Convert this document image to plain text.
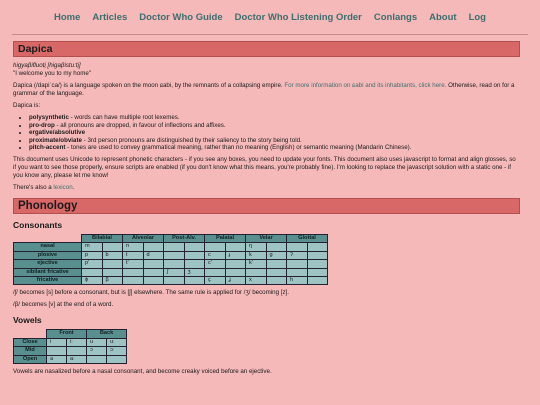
Home Articles Doctor Who Guide Doctor Who Listening Order Conlangs About Log
Dapica

hiɡyaβifluoti̤ [hiɡaβistuːti̤]
"I welcome you to my home"

Dapica (/dapiˈca/) is a language spoken on the moon ɕabi, by the remnants of a collapsing empire. For more information on ɕabi and its inhabitants, click here. Otherwise, read on for a grammar of the language.

Dapica is:

• polysynthetic - words can have multiple root lexemes.
• pro-drop - all pronouns are dropped, in favour of inflections and affixes.
• ergative/absolutive
• proximate/obviate - 3rd person pronouns are distinguished by their saliency to the story being told.
• pitch-accent - tones are used to convey grammatical meaning, rather than no meaning (English) or semantic meaning (Mandarin Chinese).

This document uses Unicode to represent phonetic characters - if you see any boxes, you need to update your fonts. This document also uses javascript to format and align glosses, so if you want to see those properly, ensure scripts are enabled (if you don't know what this means, you're probably fine). I'm looking to replace the javascript solution with a static one - if you know any, please let me know!

There's also a lexicon.

Phonology
Consonants
	Bilabial		Alveolar		Post-Alv.		Palatal		Velar		Glottal	
nasal	m		n						ŋ			
plosive	p	b	t	d			c	ɟ	k	g	ʔ	
ejective	pʼ		tʼ				cʼ		kʼ			
sibilant fricative					ʃ	ʒ						
fricative	ɸ	β					ç	ʝ	x		h	

/ʃ/ becomes [s] before a consonant, but is [ʃ] elsewhere. The same rule is applied for /ʒ/ becoming [z].

/β/ becomes [v] at the end of a word.

Vowels
	Front		Back	
Close	i	iː	u	uː
Mid			ɔ	ɔː
Open	a	aː		

Vowels are nasalized before a nasal consonant, and become creaky voiced before an ejective.
